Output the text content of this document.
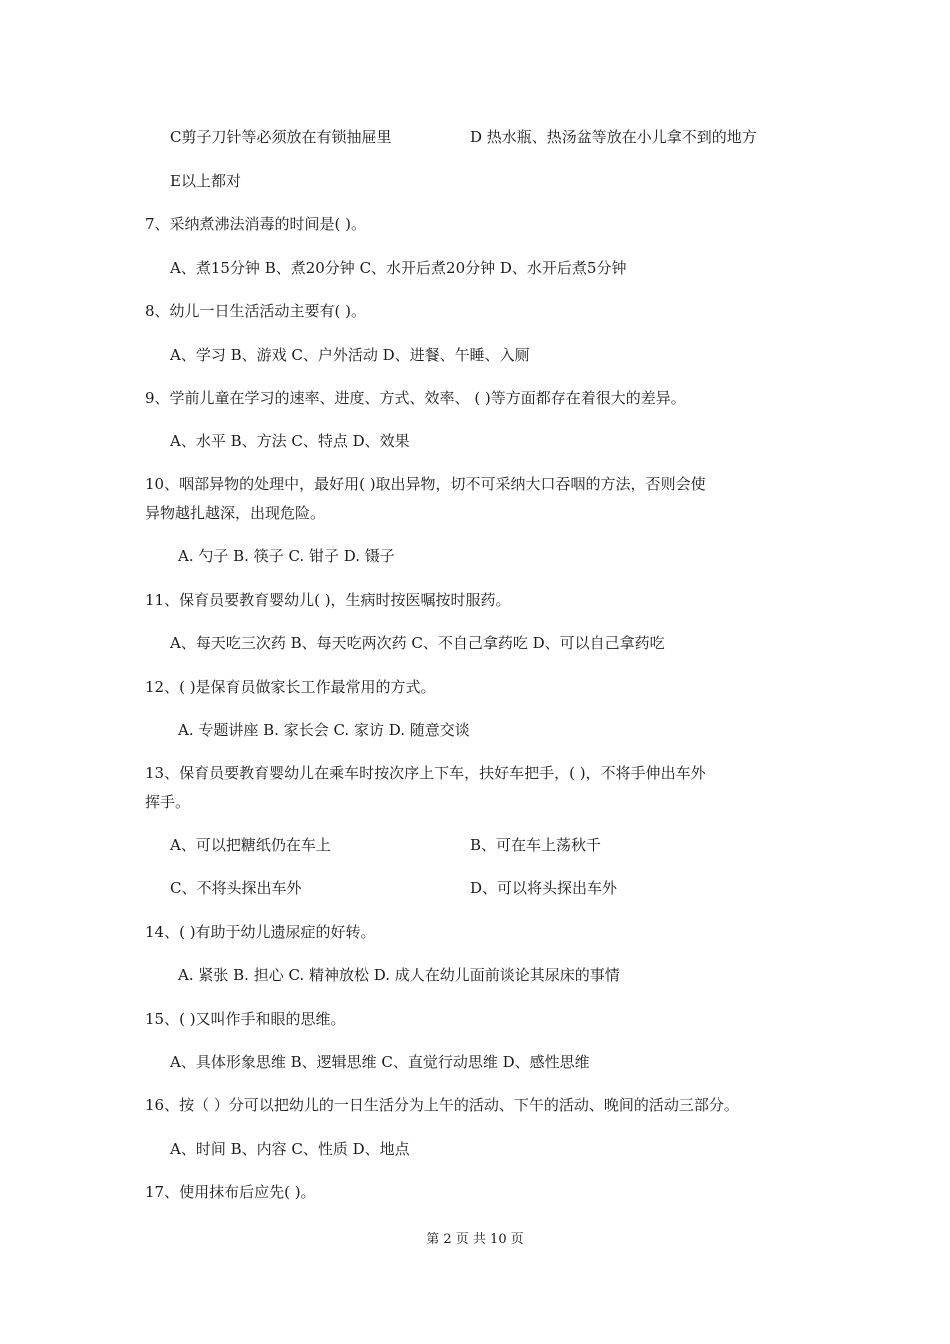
C剪子刀针等必须放在有锁抽屉里	D 热水瓶、热汤盆等放在小儿拿不到的地方
E以上都对
7、采纳煮沸法消毒的时间是( )。
A、煮15分钟 B、煮20分钟 C、水开后煮20分钟 D、水开后煮5分钟
8、幼儿一日生活活动主要有( )。
A、学习 B、游戏 C、户外活动 D、进餐、午睡、入厕
9、学前儿童在学习的速率、进度、方式、效率、 ( )等方面都存在着很大的差异。
A、水平 B、方法 C、特点 D、效果
10、咽部异物的处理中，最好用( )取出异物，切不可采纳大口吞咽的方法，否则会使
异物越扎越深，出现危险。
A. 勺子 B. 筷子 C. 钳子 D. 镊子
11、保育员要教育婴幼儿( )，生病时按医嘱按时服药。
A、每天吃三次药 B、每天吃两次药 C、不自己拿药吃 D、可以自己拿药吃
12、( )是保育员做家长工作最常用的方式。
A. 专题讲座 B. 家长会 C. 家访 D. 随意交谈
13、保育员要教育婴幼儿在乘车时按次序上下车，扶好车把手，( )，不将手伸出车外
挥手。
A、可以把糖纸仍在车上	B、可在车上荡秋千
C、不将头探出车外	D、可以将头探出车外
14、( )有助于幼儿遗尿症的好转。
A. 紧张 B. 担心 C. 精神放松 D. 成人在幼儿面前谈论其尿床的事情
15、( )又叫作手和眼的思维。
A、具体形象思维 B、逻辑思维 C、直觉行动思维 D、感性思维
16、按（ ）分可以把幼儿的一日生活分为上午的活动、下午的活动、晚间的活动三部分。
A、时间 B、内容 C、性质 D、地点
17、使用抹布后应先( )。
第 2 页 共 10 页
